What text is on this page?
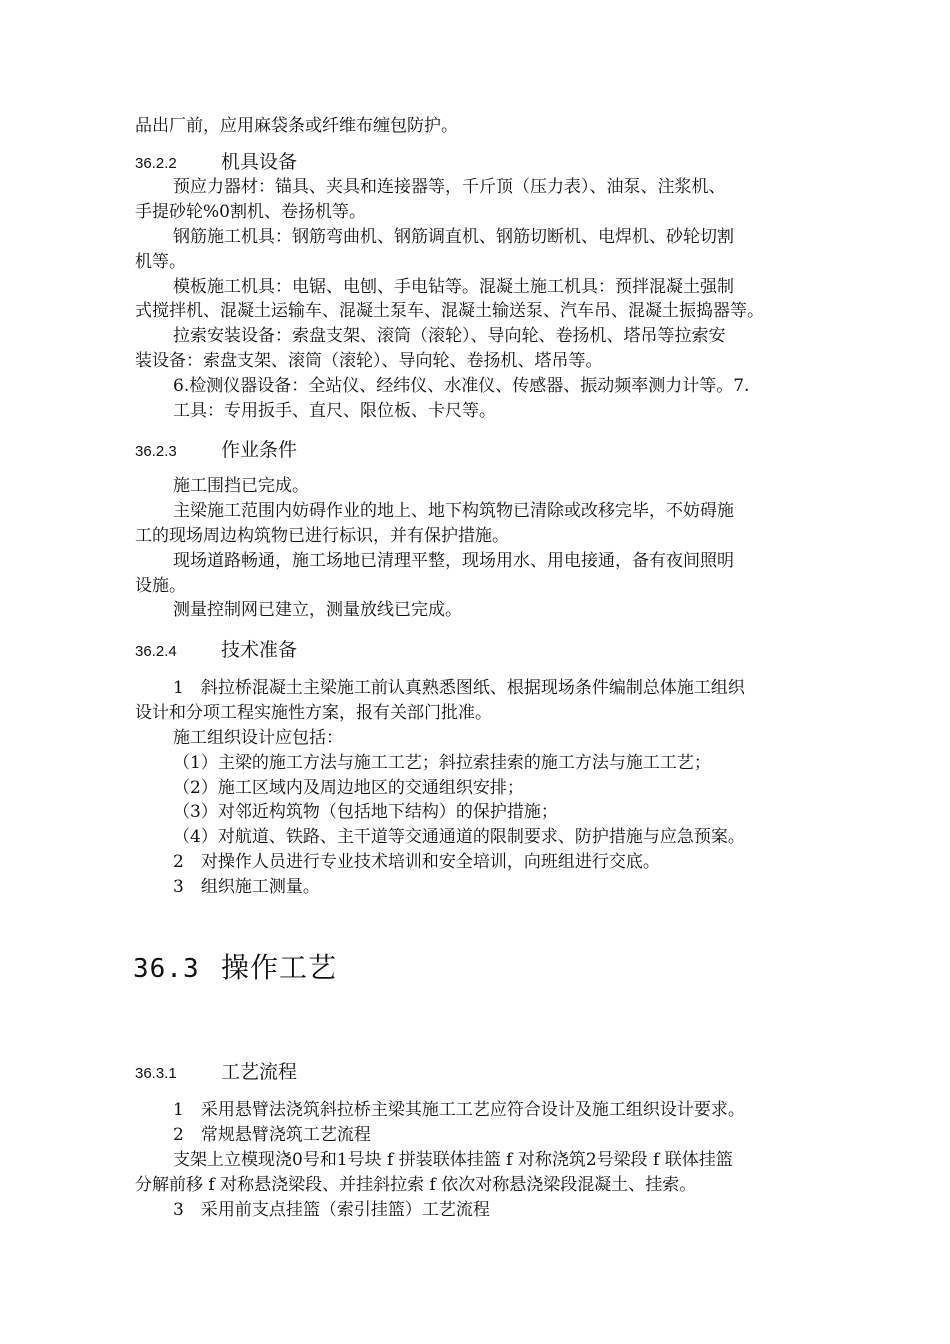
品出厂前，应用麻袋条或纤维布缠包防护。
36.2.2 机具设备
预应力器材：锚具、夹具和连接器等，千斤顶（压力表）、油泵、注浆机、
手提砂轮%0割机、卷扬机等。
钢筋施工机具：钢筋弯曲机、钢筋调直机、钢筋切断机、电焊机、砂轮切割
机等。
模板施工机具：电锯、电刨、手电钻等。混凝土施工机具：预拌混凝土强制
式搅拌机、混凝土运输车、混凝土泵车、混凝土输送泵、汽车吊、混凝土振捣器等。
拉索安装设备：索盘支架、滚筒（滚轮）、导向轮、卷扬机、塔吊等拉索安
装设备：索盘支架、滚筒（滚轮）、导向轮、卷扬机、塔吊等。
6.检测仪器设备：全站仪、经纬仪、水准仪、传感器、振动频率测力计等。7.
工具：专用扳手、直尺、限位板、卡尺等。
36.2.3 作业条件
施工围挡已完成。
主梁施工范围内妨碍作业的地上、地下构筑物已清除或改移完毕，不妨碍施
工的现场周边构筑物已进行标识，并有保护措施。
现场道路畅通，施工场地已清理平整，现场用水、用电接通，备有夜间照明
设施。
测量控制网已建立，测量放线已完成。
36.2.4 技术准备
1　斜拉桥混凝土主梁施工前认真熟悉图纸、根据现场条件编制总体施工组织
设计和分项工程实施性方案，报有关部门批准。
施工组织设计应包括：
（1）主梁的施工方法与施工工艺；斜拉索挂索的施工方法与施工工艺；
（2）施工区域内及周边地区的交通组织安排；
（3）对邻近构筑物（包括地下结构）的保护措施；
（4）对航道、铁路、主干道等交通通道的限制要求、防护措施与应急预案。
2　对操作人员进行专业技术培训和安全培训，向班组进行交底。
3　组织施工测量。
36.3 操作工艺
36.3.1 工艺流程
1　采用悬臂法浇筑斜拉桥主梁其施工工艺应符合设计及施工组织设计要求。
2　常规悬臂浇筑工艺流程
支架上立模现浇0号和1号块 f 拼装联体挂篮 f 对称浇筑2号梁段 f 联体挂篮
分解前移 f 对称悬浇梁段、并挂斜拉索 f 依次对称悬浇梁段混凝土、挂索。
3　采用前支点挂篮（索引挂篮）工艺流程
